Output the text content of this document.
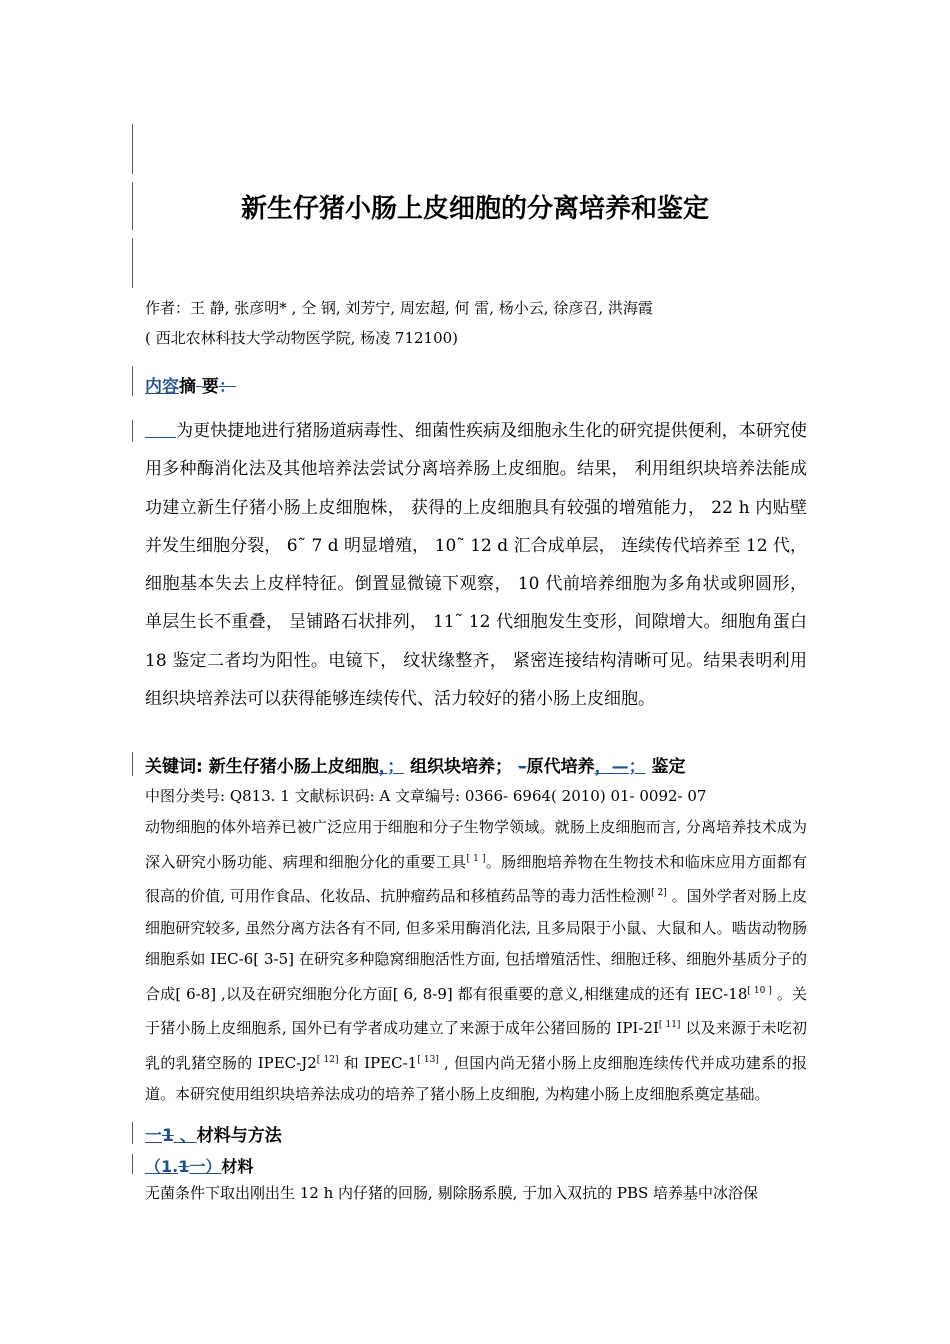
新生仔猪小肠上皮细胞的分离培养和鉴定
作者：王 静, 张彦明* , 仝 钢, 刘芳宁, 周宏超, 何 雷, 杨小云, 徐彦召, 洪海霞
( 西北农林科技大学动物医学院, 杨凌 712100)
内容摘 要：
为更快捷地进行猪肠道病毒性、细菌性疾病及细胞永生化的研究提供便利，本研究使用多种酶消化法及其他培养法尝试分离培养肠上皮细胞。结果， 利用组织块培养法能成功建立新生仔猪小肠上皮细胞株， 获得的上皮细胞具有较强的增殖能力， 22 h 内贴壁并发生细胞分裂， 6˜ 7 d 明显增殖， 10˜ 12 d 汇合成单层， 连续传代培养至 12 代， 细胞基本失去上皮样特征。倒置显微镜下观察， 10 代前培养细胞为多角状或卵圆形， 单层生长不重叠， 呈铺路石状排列， 11˜ 12 代细胞发生变形，间隙增大。细胞角蛋白 18 鉴定二者均为阳性。电镜下， 纹状缘整齐， 紧密连接结构清晰可见。结果表明利用组织块培养法可以获得能够连续传代、活力较好的猪小肠上皮细胞。
关键词: 新生仔猪小肠上皮细胞，； 组织块培养； –原代培养，—； 鉴定
中图分类号: Q813. 1 文献标识码: A 文章编号: 0366- 6964( 2010) 01- 0092- 07
动物细胞的体外培养已被广泛应用于细胞和分子生物学领域。就肠上皮细胞而言, 分离培养技术成为深入研究小肠功能、病理和细胞分化的重要工具[ 1 ]。肠细胞培养物在生物技术和临床应用方面都有很高的价值, 可用作食品、化妆品、抗肿瘤药品和移植药品等的毒力活性检测[ 2] 。国外学者对肠上皮细胞研究较多, 虽然分离方法各有不同, 但多采用酶消化法, 且多局限于小鼠、大鼠和人。啮齿动物肠细胞系如 IEC-6[ 3-5] 在研究多种隐窝细胞活性方面, 包括增殖活性、细胞迁移、细胞外基质分子的合成[ 6-8] ,以及在研究细胞分化方面[ 6, 8-9] 都有很重要的意义,相继建成的还有 IEC-18[ 10 ] 。关于猪小肠上皮细胞系, 国外已有学者成功建立了来源于成年公猪回肠的 IPI-2I[ 11] 以及来源于未吃初乳的乳猪空肠的 IPEC-J2[ 12] 和 IPEC-1[ 13] , 但国内尚无猪小肠上皮细胞连续传代并成功建系的报道。本研究使用组织块培养法成功的培养了猪小肠上皮细胞, 为构建小肠上皮细胞系奠定基础。
一1 、材料与方法
（1.1一）材料
无菌条件下取出刚出生 12 h 内仔猪的回肠, 剔除肠系膜, 于加入双抗的 PBS 培养基中冰浴保
